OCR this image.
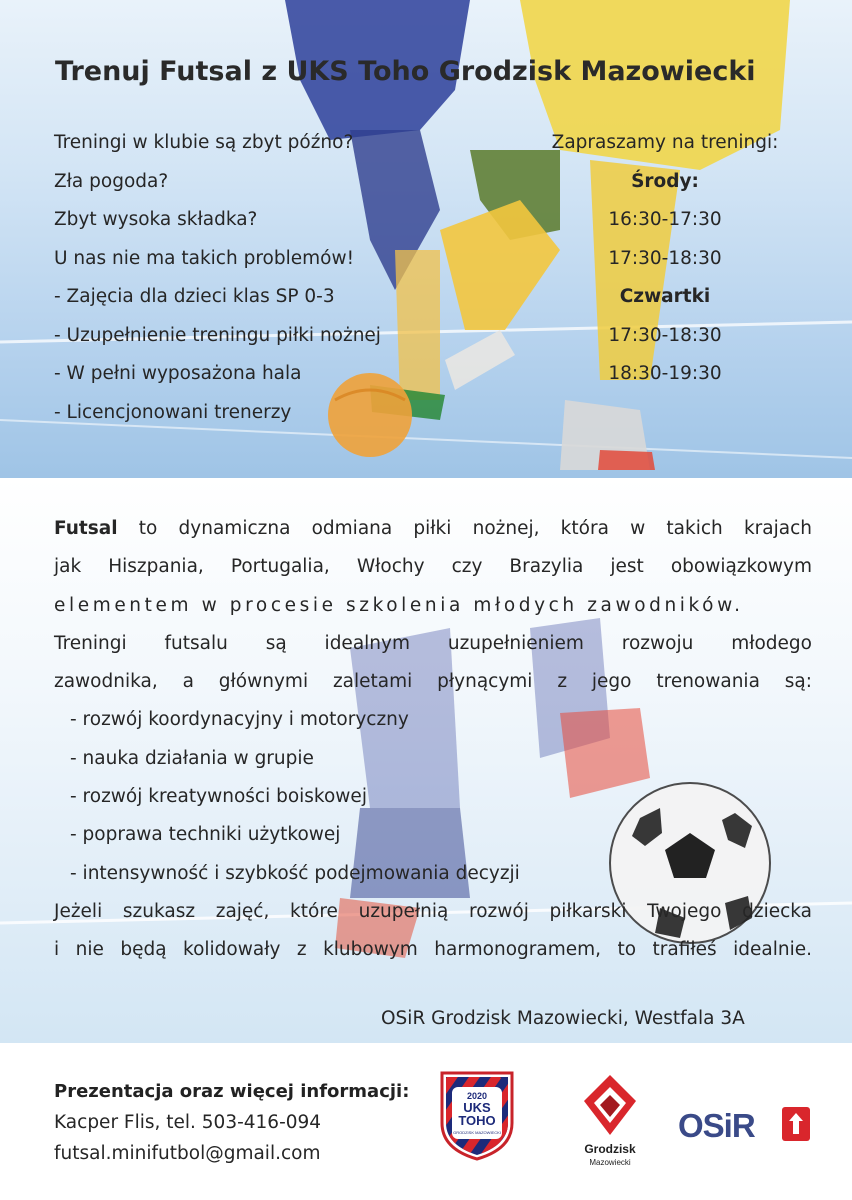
Trenuj Futsal z UKS Toho Grodzisk Mazowiecki
Treningi w klubie są zbyt późno?
Zła pogoda?
Zbyt wysoka składka?
U nas nie ma takich problemów!
- Zajęcia dla dzieci klas SP 0-3
- Uzupełnienie treningu piłki nożnej
- W pełni wyposażona hala
- Licencjonowani trenerzy
Zapraszamy na treningi:
Środy:
16:30-17:30
17:30-18:30
Czwartki
17:30-18:30
18:30-19:30
Futsal to dynamiczna odmiana piłki nożnej, która w takich krajach
jak Hiszpania, Portugalia, Włochy czy Brazylia jest obowiązkowym
elementem w procesie szkolenia młodych zawodników.
Treningi futsalu są idealnym uzupełnieniem rozwoju młodego
zawodnika, a głównymi zaletami płynącymi z jego trenowania są:
- rozwój koordynacyjny i motoryczny
- nauka działania w grupie
- rozwój kreatywności boiskowej
- poprawa techniki użytkowej
- intensywność i szybkość podejmowania decyzji
Jeżeli szukasz zajęć, które uzupełnią rozwój piłkarski Twojego dziecka
i nie będą kolidowały z klubowym harmonogramem, to trafiłeś idealnie.
OSiR Grodzisk Mazowiecki, Westfala 3A
Prezentacja oraz więcej informacji:
Kacper Flis, tel. 503-416-094
futsal.minifutbol@gmail.com
2020
UKS
TOHO
GRODZISK MAZOWIECKI
Grodzisk
Mazowiecki
OSiR
